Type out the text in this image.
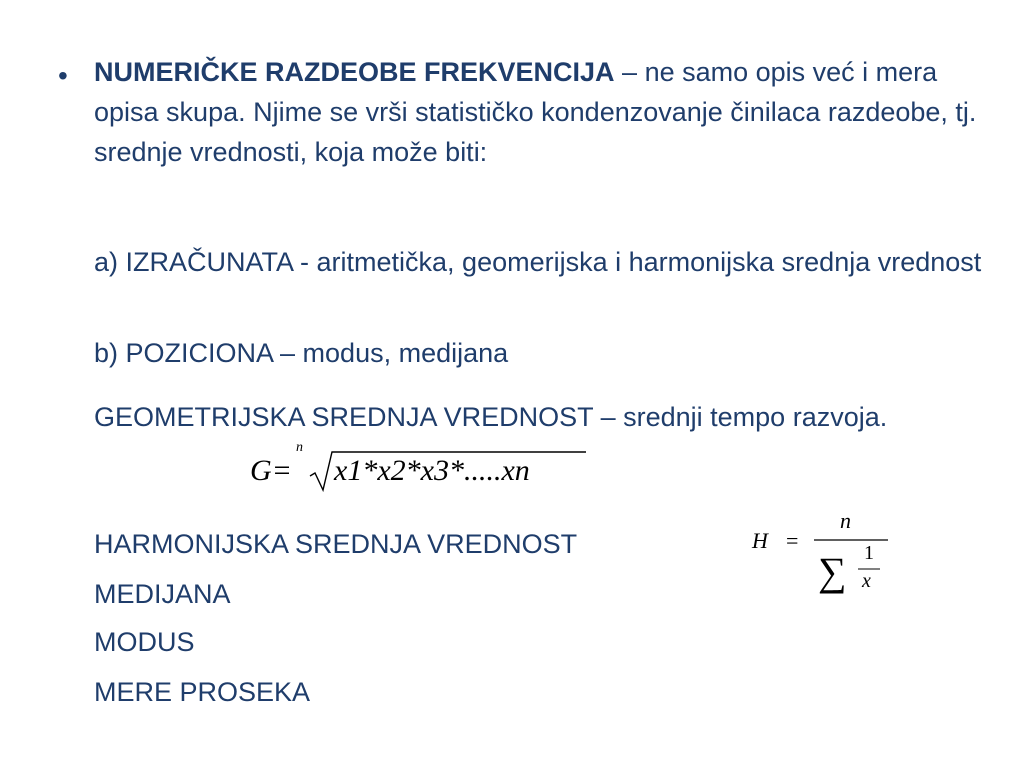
• NUMERIČKE RAZDEOBE FREKVENCIJA – ne samo opis već i mera opisa skupa. Njime se vrši statističko kondenzovanje činilaca razdeobe, tj. srednje vrednosti, koja može biti:
a) IZRAČUNATA - aritmetička, geomerijska i harmonijska srednja vrednost
b) POZICIONA – modus, medijana
GEOMETRIJSKA SREDNJA VREDNOST – srednji tempo razvoja.
G=
n
x1*x2*x3*.....xn
HARMONIJSKA SREDNJA VREDNOST	H =
n
∑ 1
x
MEDIJANA
MODUS
MERE PROSEKA
